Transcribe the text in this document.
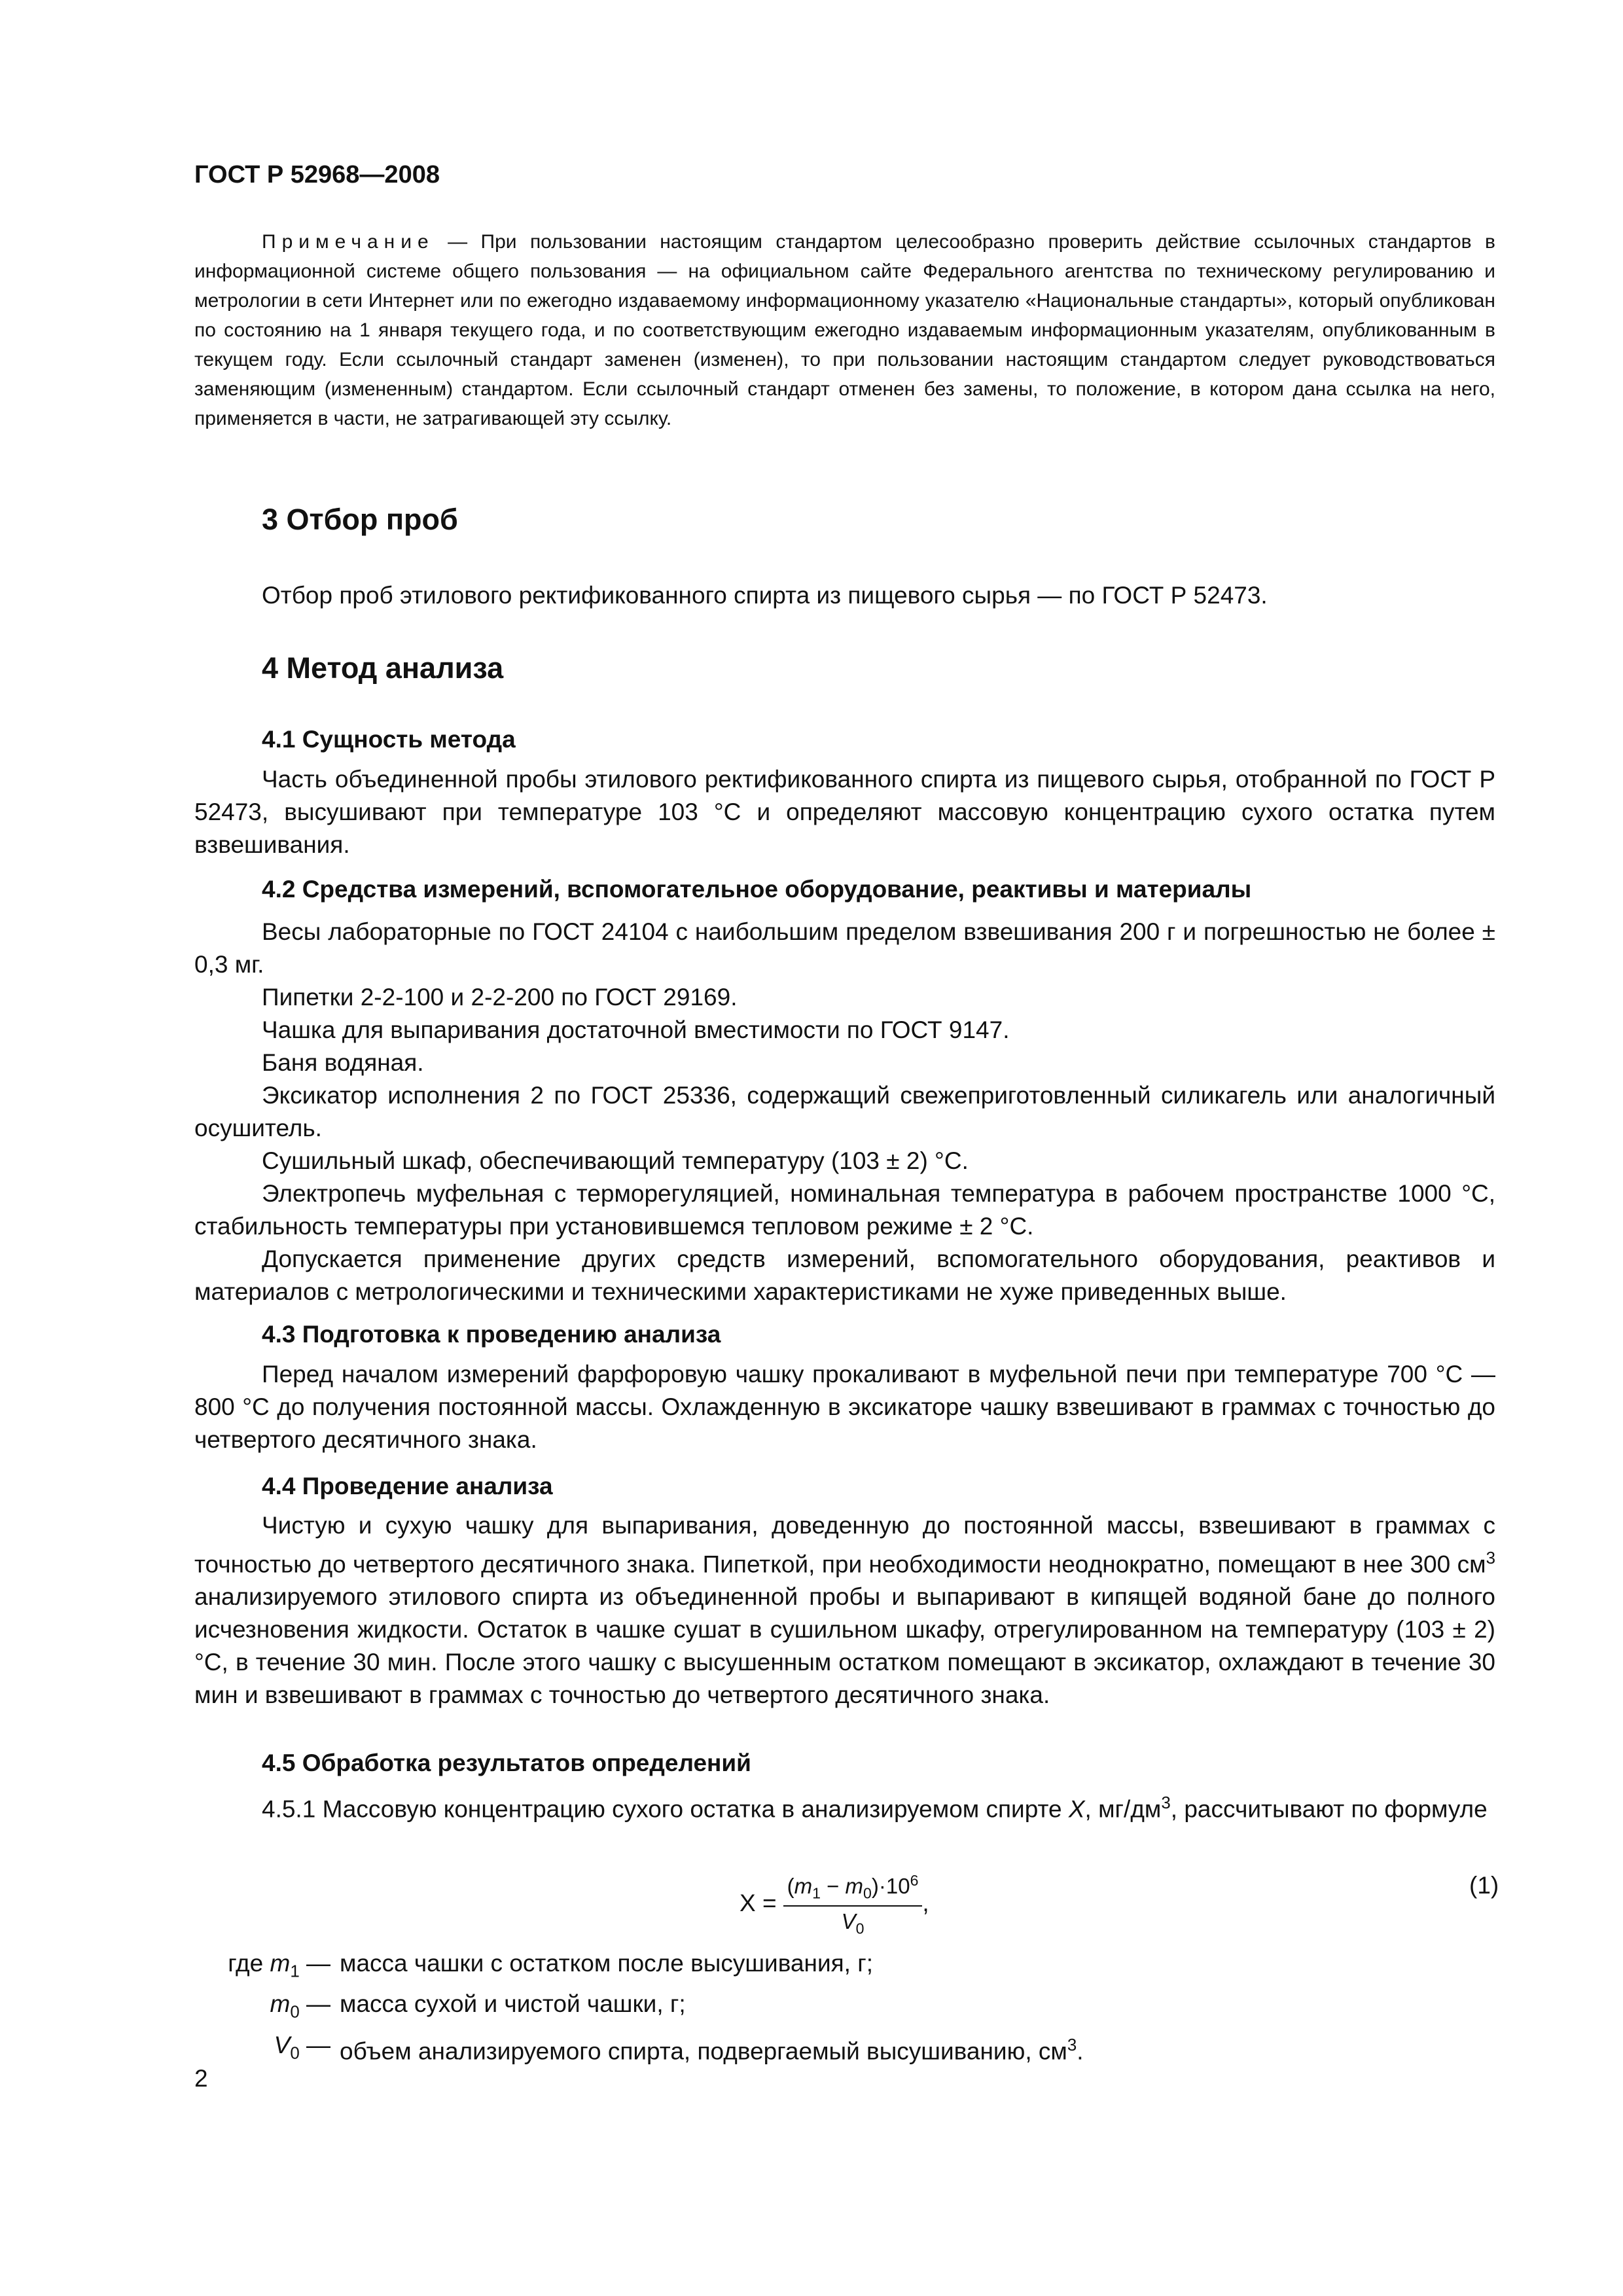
ГОСТ Р 52968—2008
Примечание — При пользовании настоящим стандартом целесообразно проверить действие ссылочных стандартов в информационной системе общего пользования — на официальном сайте Федерального агентства по техническому регулированию и метрологии в сети Интернет или по ежегодно издаваемому информационному указателю «Национальные стандарты», который опубликован по состоянию на 1 января текущего года, и по соответствующим ежегодно издаваемым информационным указателям, опубликованным в текущем году. Если ссылочный стандарт заменен (изменен), то при пользовании настоящим стандартом следует руководствоваться заменяющим (измененным) стандартом. Если ссылочный стандарт отменен без замены, то положение, в котором дана ссылка на него, применяется в части, не затрагивающей эту ссылку.
3 Отбор проб

Отбор проб этилового ректификованного спирта из пищевого сырья — по ГОСТ Р 52473.

4 Метод анализа
4.1 Сущность метода

Часть объединенной пробы этилового ректификованного спирта из пищевого сырья, отобранной по ГОСТ Р 52473, высушивают при температуре 103 °С и определяют массовую концентрацию сухого остатка путем взвешивания.

4.2 Средства измерений, вспомогательное оборудование, реактивы и материалы

Весы лабораторные по ГОСТ 24104 с наибольшим пределом взвешивания 200 г и погрешностью не более ± 0,3 мг.

Пипетки 2-2-100 и 2-2-200 по ГОСТ 29169.

Чашка для выпаривания достаточной вместимости по ГОСТ 9147.

Баня водяная.

Эксикатор исполнения 2 по ГОСТ 25336, содержащий свежеприготовленный силикагель или аналогичный осушитель.

Сушильный шкаф, обеспечивающий температуру (103 ± 2) °С.

Электропечь муфельная с терморегуляцией, номинальная температура в рабочем пространстве 1000 °С, стабильность температуры при установившемся тепловом режиме ± 2 °С.

Допускается применение других средств измерений, вспомогательного оборудования, реактивов и материалов с метрологическими и техническими характеристиками не хуже приведенных выше.

4.3 Подготовка к проведению анализа

Перед началом измерений фарфоровую чашку прокаливают в муфельной печи при температуре 700 °С — 800 °С до получения постоянной массы. Охлажденную в эксикаторе чашку взвешивают в граммах с точностью до четвертого десятичного знака.

4.4 Проведение анализа

Чистую и сухую чашку для выпаривания, доведенную до постоянной массы, взвешивают в граммах с точностью до четвертого десятичного знака. Пипеткой, при необходимости неоднократно, помещают в нее 300 $см^3$ анализируемого этилового спирта из объединенной пробы и выпаривают в кипящей водяной бане до полного исчезновения жидкости. Остаток в чашке сушат в сушильном шкафу, отрегулированном на температуру (103 ± 2) °С, в течение 30 мин. После этого чашку с высушенным остатком помещают в эксикатор, охлаждают в течение 30 мин и взвешивают в граммах с точностью до четвертого десятичного знака.

4.5 Обработка результатов определений

4.5.1 Массовую концентрацию сухого остатка в анализируемом спирте X, $мг/дм^3$, рассчитывают по формуле

$X = \frac{(m_1 - m_0)\cdot 10^6}{V_0}$ ,
(1)
где $m_1$ — масса чашки с остатком после высушивания, г;
$m_0$ — масса сухой и чистой чашки, г;
$V_0$ — объем анализируемого спирта, подвергаемый высушиванию, $см^3$.
2
